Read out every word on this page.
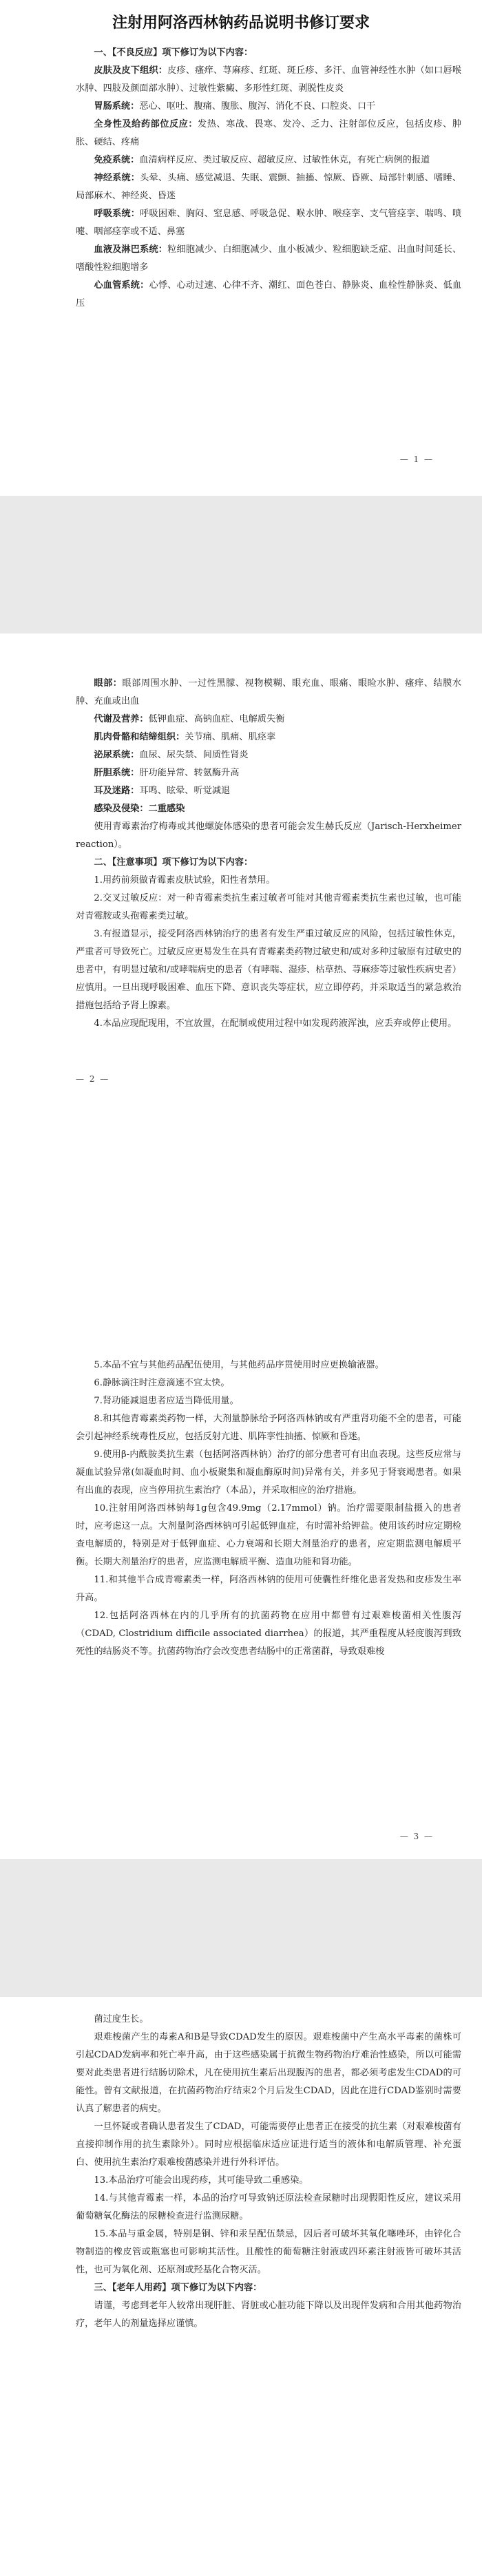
注射用阿洛西林钠药品说明书修订要求

一、【不良反应】项下修订为以下内容：

皮肤及皮下组织：皮疹、瘙痒、荨麻疹、红斑、斑丘疹、多汗、血管神经性水肿（如口唇喉水肿、四肢及颜面部水肿）、过敏性紫癜、多形性红斑、剥脱性皮炎

胃肠系统：恶心、呕吐、腹痛、腹胀、腹泻、消化不良、口腔炎、口干

全身性及给药部位反应：发热、寒战、畏寒、发冷、乏力、注射部位反应，包括皮疹、肿胀、硬结、疼痛

免疫系统：血清病样反应、类过敏反应、超敏反应、过敏性休克，有死亡病例的报道

神经系统：头晕、头痛、感觉减退、失眠、震颤、抽搐、惊厥、昏厥、局部针刺感、嗜睡、局部麻木、神经炎、昏迷

呼吸系统：呼吸困难、胸闷、窒息感、呼吸急促、喉水肿、喉痉挛、支气管痉挛、喘鸣、喷嚏、咽部痉挛或不适、鼻塞

血液及淋巴系统：粒细胞减少、白细胞减少、血小板减少、粒细胞缺乏症、出血时间延长、嗜酸性粒细胞增多

心血管系统：心悸、心动过速、心律不齐、潮红、面色苍白、静脉炎、血栓性静脉炎、低血压

— 1 —

眼部：眼部周围水肿、一过性黑朦、视物模糊、眼充血、眼痛、眼睑水肿、瘙痒、结膜水肿、充血或出血

代谢及营养：低钾血症、高钠血症、电解质失衡

肌肉骨骼和结缔组织：关节痛、肌痛、肌痉挛

泌尿系统：血尿、尿失禁、间质性肾炎

肝胆系统：肝功能异常、转氨酶升高

耳及迷路：耳鸣、眩晕、听觉减退

感染及侵染：二重感染

使用青霉素治疗梅毒或其他螺旋体感染的患者可能会发生赫氏反应（Jarisch-Herxheimer reaction）。

二、【注意事项】项下修订为以下内容：

1.用药前须做青霉素皮肤试验，阳性者禁用。

2.交叉过敏反应：对一种青霉素类抗生素过敏者可能对其他青霉素类抗生素也过敏，也可能对青霉胺或头孢霉素类过敏。

3.有报道显示，接受阿洛西林钠治疗的患者有发生严重过敏反应的风险，包括过敏性休克，严重者可导致死亡。过敏反应更易发生在具有青霉素类药物过敏史和/或对多种过敏原有过敏史的患者中，有明显过敏和/或哮喘病史的患者（有哮喘、湿疹、枯草热、荨麻疹等过敏性疾病史者）应慎用。一旦出现呼吸困难、血压下降、意识丧失等症状，应立即停药，并采取适当的紧急救治措施包括给予肾上腺素。

4.本品应现配现用，不宜放置，在配制或使用过程中如发现药液浑浊，应丢弃或停止使用。

— 2 —

5.本品不宜与其他药品配伍使用，与其他药品序贯使用时应更换输液器。

6.静脉滴注时注意滴速不宜太快。

7.肾功能减退患者应适当降低用量。

8.和其他青霉素类药物一样，大剂量静脉给予阿洛西林钠或有严重肾功能不全的患者，可能会引起神经系统毒性反应，包括反射亢进、肌阵挛性抽搐、惊厥和昏迷。

9.使用β-内酰胺类抗生素（包括阿洛西林钠）治疗的部分患者可有出血表现。这些反应常与凝血试验异常(如凝血时间、血小板聚集和凝血酶原时间)异常有关，并多见于肾衰竭患者。如果有出血的表现，应当停用抗生素治疗（本品），并采取相应的治疗措施。

10.注射用阿洛西林钠每1g包含49.9mg（2.17mmol）钠。治疗需要限制盐摄入的患者时，应考虑这一点。大剂量阿洛西林钠可引起低钾血症，有时需补给钾盐。使用该药时应定期检查电解质的，特别是对于低钾血症、心力衰竭和长期大剂量治疗的患者，应定期监测电解质平衡。长期大剂量治疗的患者，应监测电解质平衡、造血功能和肾功能。

11.和其他半合成青霉素类一样，阿洛西林钠的使用可使囊性纤维化患者发热和皮疹发生率升高。

12.包括阿洛西林在内的几乎所有的抗菌药物在应用中都曾有过艰难梭菌相关性腹泻（CDAD, Clostridium difficile associated diarrhea）的报道，其严重程度从轻度腹泻到致死性的结肠炎不等。抗菌药物治疗会改变患者结肠中的正常菌群，导致艰难梭

— 3 —

菌过度生长。

艰难梭菌产生的毒素A和B是导致CDAD发生的原因。艰难梭菌中产生高水平毒素的菌株可引起CDAD发病率和死亡率升高，由于这些感染属于抗微生物药物治疗难治性感染，所以可能需要对此类患者进行结肠切除术，凡在使用抗生素后出现腹泻的患者，都必须考虑发生CDAD的可能性。曾有文献报道，在抗菌药物治疗结束2个月后发生CDAD，因此在进行CDAD鉴别时需要认真了解患者的病史。

一旦怀疑或者确认患者发生了CDAD，可能需要停止患者正在接受的抗生素（对艰难梭菌有直接抑制作用的抗生素除外）。同时应根据临床适应证进行适当的液体和电解质管理、补充蛋白、使用抗生素治疗艰难梭菌感染并进行外科评估。

13.本品治疗可能会出现药疹，其可能导致二重感染。

14.与其他青霉素一样，本品的治疗可导致钠还原法检查尿糖时出现假阳性反应，建议采用葡萄糖氧化酶法的尿糖检查进行监测尿糖。

15.本品与重金属，特别是铜、锌和汞呈配伍禁忌，因后者可破坏其氧化噻唑环，由锌化合物制造的橡皮管或瓶塞也可影响其活性。且酸性的葡萄糖注射液或四环素注射液皆可破坏其活性，也可为氧化剂、还原剂或羟基化合物灭活。

三、【老年人用药】项下修订为以下内容：

请谨，考虑到老年人较常出现肝脏、肾脏或心脏功能下降以及出现伴发病和合用其他药物治疗，老年人的剂量选择应谨慎。
